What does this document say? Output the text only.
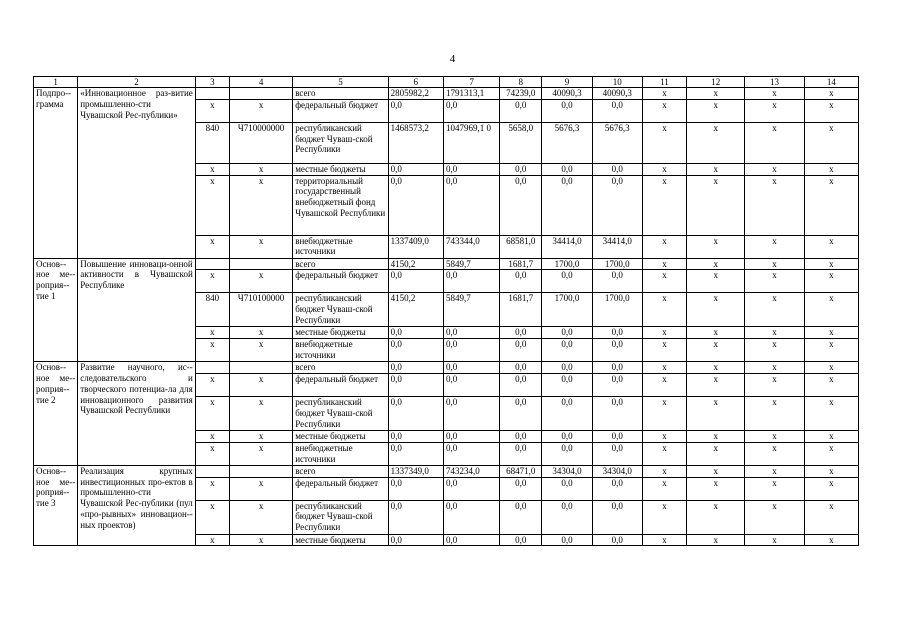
4
1	2	3	4	5	6	7	8	9	10	11	12	13	14
Подпро-грамма	«Инновационное раз-витие промышленно-сти Чувашской Рес-публики»			всего	2805982,2	1791313,1	74239,0	40090,3	40090,3	х	х	х	х
		х	х	федеральный бюджет	0,0	0,0	0,0	0,0	0,0	х	х	х	х
		840	Ч710000000	республиканский бюджет Чуваш-ской Республики	1468573,2	1047969,1 0	5658,0	5676,3	5676,3	х	х	х	х
		х	х	местные бюджеты	0,0	0,0	0,0	0,0	0,0	х	х	х	х
		х	х	территориальный государственный внебюджетный фонд Чувашской Республики	0,0	0,0	0,0	0,0	0,0	х	х	х	х
		х	х	внебюджетные источники	1337409,0	743344,0	68581,0	34414,0	34414,0	х	х	х	х
Основ-ное ме-роприя-тие 1	Повышение инноваци-онной активности в Чувашской Республике			всего	4150,2	5849,7	1681,7	1700,0	1700,0	х	х	х	х
		х	х	федеральный бюджет	0,0	0,0	0,0	0,0	0,0	х	х	х	х
		840	Ч710100000	республиканский бюджет Чуваш-ской Республики	4150,2	5849,7	1681,7	1700,0	1700,0	х	х	х	х
		х	х	местные бюджеты	0,0	0,0	0,0	0,0	0,0	х	х	х	х
		х	х	внебюджетные источники	0,0	0,0	0,0	0,0	0,0	х	х	х	х
Основ-ное ме-роприя-тие 2	Развитие научного, ис-следовательского и творческого потенциа-ла для инновационного развития Чувашской Республики			всего	0,0	0,0	0,0	0,0	0,0	х	х	х	х
		х	х	федеральный бюджет	0,0	0,0	0,0	0,0	0,0	х	х	х	х
		х	х	республиканский бюджет Чуваш-ской Республики	0,0	0,0	0,0	0,0	0,0	х	х	х	х
		х	х	местные бюджеты	0,0	0,0	0,0	0,0	0,0	х	х	х	х
		х	х	внебюджетные источники	0,0	0,0	0,0	0,0	0,0	х	х	х	х
Основ-ное ме-роприя-тие 3	Реализация крупных инвестиционных про-ектов в промышленно-сти Чувашской Рес-публики (пул «про-рывных» инновацион-ных проектов)			всего	1337349,0	743234,0	68471,0	34304,0	34304,0	х	х	х	х
		х	х	федеральный бюджет	0,0	0,0	0,0	0,0	0,0	х	х	х	х
		х	х	республиканский бюджет Чуваш-ской Республики	0,0	0,0	0,0	0,0	0,0	х	х	х	х
		х	х	местные бюджеты	0,0	0,0	0,0	0,0	0,0	х	х	х	х
